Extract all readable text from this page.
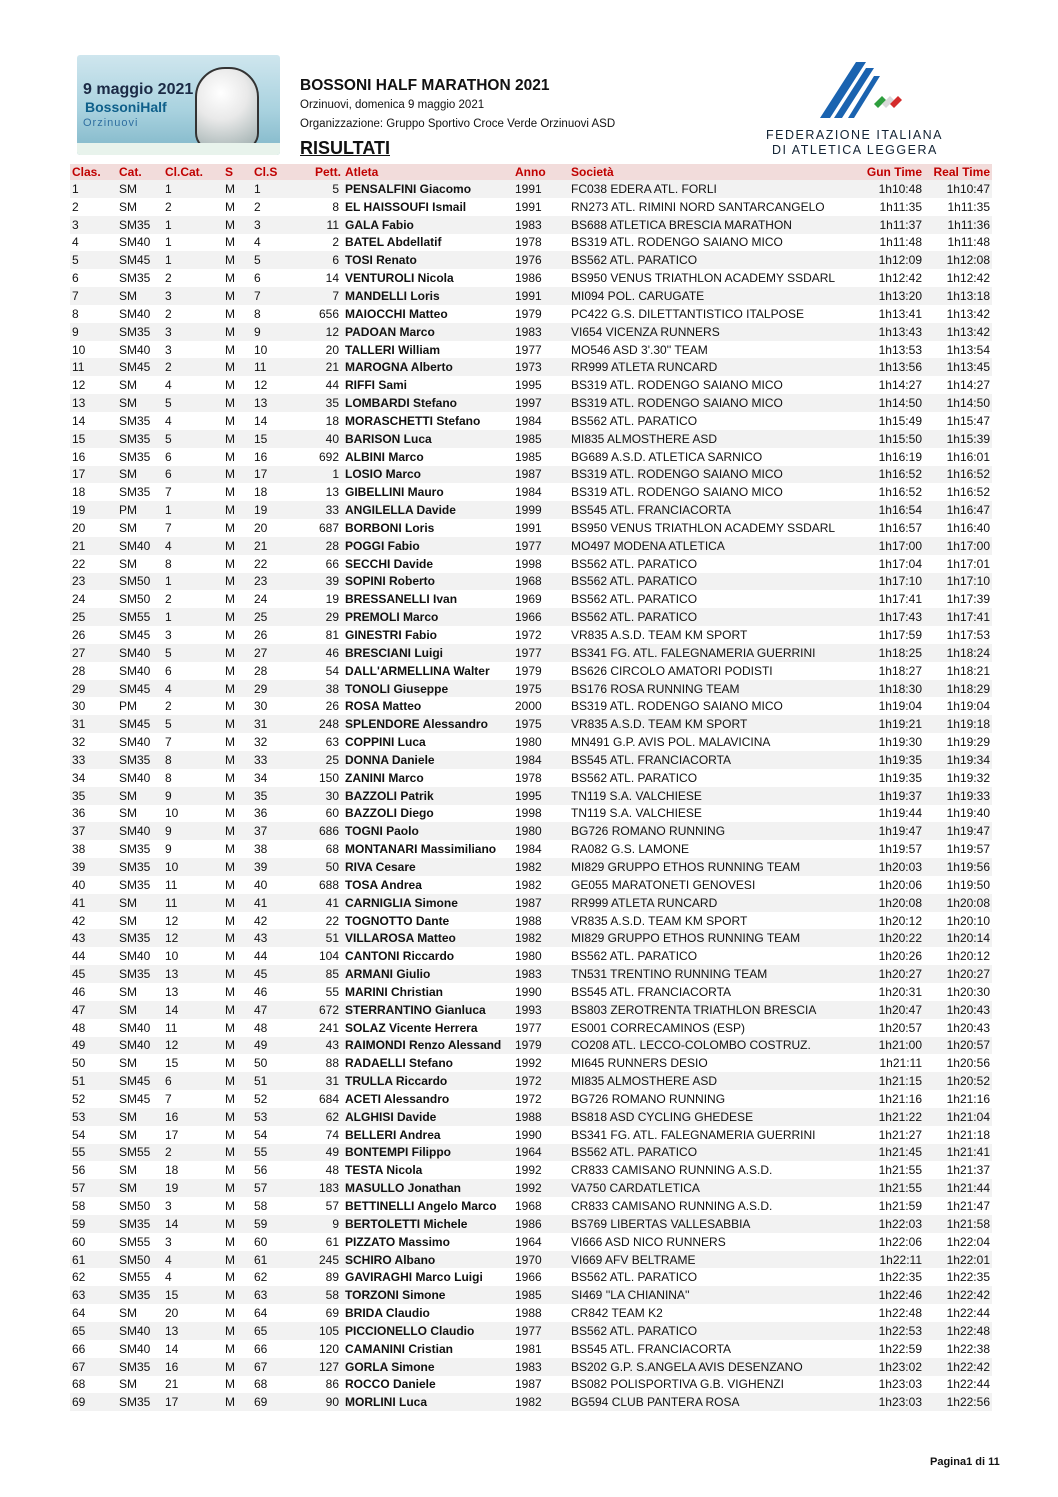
9 maggio 2021
BossoniHalf
Orzinuovi
BOSSONI HALF MARATHON 2021
Orzinuovi, domenica 9 maggio 2021
Organizzazione: Gruppo Sportivo Croce Verde Orzinuovi ASD
RISULTATI
FEDERAZIONE ITALIANA
DI ATLETICA LEGGERA
Clas.	Cat.	Cl.Cat.	S	Cl.S	Pett.	Atleta	Anno	Società	Gun Time	Real Time
1	SM	1	M	1	5	PENSALFINI Giacomo	1991	FC038 EDERA ATL. FORLI	1h10:48	1h10:47
2	SM	2	M	2	8	EL HAISSOUFI Ismail	1991	RN273 ATL. RIMINI NORD SANTARCANGELO	1h11:35	1h11:35
3	SM35	1	M	3	11	GALA Fabio	1983	BS688 ATLETICA BRESCIA MARATHON	1h11:37	1h11:36
4	SM40	1	M	4	2	BATEL Abdellatif	1978	BS319 ATL. RODENGO SAIANO MICO	1h11:48	1h11:48
5	SM45	1	M	5	6	TOSI Renato	1976	BS562 ATL. PARATICO	1h12:09	1h12:08
6	SM35	2	M	6	14	VENTUROLI Nicola	1986	BS950 VENUS TRIATHLON ACADEMY SSDARL	1h12:42	1h12:42
7	SM	3	M	7	7	MANDELLI Loris	1991	MI094 POL. CARUGATE	1h13:20	1h13:18
8	SM40	2	M	8	656	MAIOCCHI Matteo	1979	PC422 G.S. DILETTANTISTICO ITALPOSE	1h13:41	1h13:42
9	SM35	3	M	9	12	PADOAN Marco	1983	VI654 VICENZA RUNNERS	1h13:43	1h13:42
10	SM40	3	M	10	20	TALLERI William	1977	MO546 ASD 3'.30'' TEAM	1h13:53	1h13:54
11	SM45	2	M	11	21	MAROGNA Alberto	1973	RR999 ATLETA RUNCARD	1h13:56	1h13:45
12	SM	4	M	12	44	RIFFI Sami	1995	BS319 ATL. RODENGO SAIANO MICO	1h14:27	1h14:27
13	SM	5	M	13	35	LOMBARDI Stefano	1997	BS319 ATL. RODENGO SAIANO MICO	1h14:50	1h14:50
14	SM35	4	M	14	18	MORASCHETTI Stefano	1984	BS562 ATL. PARATICO	1h15:49	1h15:47
15	SM35	5	M	15	40	BARISON Luca	1985	MI835 ALMOSTHERE ASD	1h15:50	1h15:39
16	SM35	6	M	16	692	ALBINI Marco	1985	BG689 A.S.D. ATLETICA SARNICO	1h16:19	1h16:01
17	SM	6	M	17	1	LOSIO Marco	1987	BS319 ATL. RODENGO SAIANO MICO	1h16:52	1h16:52
18	SM35	7	M	18	13	GIBELLINI Mauro	1984	BS319 ATL. RODENGO SAIANO MICO	1h16:52	1h16:52
19	PM	1	M	19	33	ANGILELLA Davide	1999	BS545 ATL. FRANCIACORTA	1h16:54	1h16:47
20	SM	7	M	20	687	BORBONI Loris	1991	BS950 VENUS TRIATHLON ACADEMY SSDARL	1h16:57	1h16:40
21	SM40	4	M	21	28	POGGI Fabio	1977	MO497 MODENA ATLETICA	1h17:00	1h17:00
22	SM	8	M	22	66	SECCHI Davide	1998	BS562 ATL. PARATICO	1h17:04	1h17:01
23	SM50	1	M	23	39	SOPINI Roberto	1968	BS562 ATL. PARATICO	1h17:10	1h17:10
24	SM50	2	M	24	19	BRESSANELLI Ivan	1969	BS562 ATL. PARATICO	1h17:41	1h17:39
25	SM55	1	M	25	29	PREMOLI Marco	1966	BS562 ATL. PARATICO	1h17:43	1h17:41
26	SM45	3	M	26	81	GINESTRI Fabio	1972	VR835 A.S.D. TEAM KM SPORT	1h17:59	1h17:53
27	SM40	5	M	27	46	BRESCIANI Luigi	1977	BS341 FG. ATL. FALEGNAMERIA GUERRINI	1h18:25	1h18:24
28	SM40	6	M	28	54	DALL'ARMELLINA Walter	1979	BS626 CIRCOLO AMATORI PODISTI	1h18:27	1h18:21
29	SM45	4	M	29	38	TONOLI Giuseppe	1975	BS176 ROSA RUNNING TEAM	1h18:30	1h18:29
30	PM	2	M	30	26	ROSA Matteo	2000	BS319 ATL. RODENGO SAIANO MICO	1h19:04	1h19:04
31	SM45	5	M	31	248	SPLENDORE Alessandro	1975	VR835 A.S.D. TEAM KM SPORT	1h19:21	1h19:18
32	SM40	7	M	32	63	COPPINI Luca	1980	MN491 G.P. AVIS POL. MALAVICINA	1h19:30	1h19:29
33	SM35	8	M	33	25	DONNA Daniele	1984	BS545 ATL. FRANCIACORTA	1h19:35	1h19:34
34	SM40	8	M	34	150	ZANINI Marco	1978	BS562 ATL. PARATICO	1h19:35	1h19:32
35	SM	9	M	35	30	BAZZOLI Patrik	1995	TN119 S.A. VALCHIESE	1h19:37	1h19:33
36	SM	10	M	36	60	BAZZOLI Diego	1998	TN119 S.A. VALCHIESE	1h19:44	1h19:40
37	SM40	9	M	37	686	TOGNI Paolo	1980	BG726 ROMANO RUNNING	1h19:47	1h19:47
38	SM35	9	M	38	68	MONTANARI Massimiliano	1984	RA082 G.S. LAMONE	1h19:57	1h19:57
39	SM35	10	M	39	50	RIVA Cesare	1982	MI829 GRUPPO ETHOS RUNNING TEAM	1h20:03	1h19:56
40	SM35	11	M	40	688	TOSA Andrea	1982	GE055 MARATONETI GENOVESI	1h20:06	1h19:50
41	SM	11	M	41	41	CARNIGLIA Simone	1987	RR999 ATLETA RUNCARD	1h20:08	1h20:08
42	SM	12	M	42	22	TOGNOTTO Dante	1988	VR835 A.S.D. TEAM KM SPORT	1h20:12	1h20:10
43	SM35	12	M	43	51	VILLAROSA Matteo	1982	MI829 GRUPPO ETHOS RUNNING TEAM	1h20:22	1h20:14
44	SM40	10	M	44	104	CANTONI Riccardo	1980	BS562 ATL. PARATICO	1h20:26	1h20:12
45	SM35	13	M	45	85	ARMANI Giulio	1983	TN531 TRENTINO RUNNING TEAM	1h20:27	1h20:27
46	SM	13	M	46	55	MARINI Christian	1990	BS545 ATL. FRANCIACORTA	1h20:31	1h20:30
47	SM	14	M	47	672	STERRANTINO Gianluca	1993	BS803 ZEROTRENTA TRIATHLON BRESCIA	1h20:47	1h20:43
48	SM40	11	M	48	241	SOLAZ Vicente Herrera	1977	ES001 CORRECAMINOS (ESP)	1h20:57	1h20:43
49	SM40	12	M	49	43	RAIMONDI Renzo Alessand	1979	CO208 ATL. LECCO-COLOMBO COSTRUZ.	1h21:00	1h20:57
50	SM	15	M	50	88	RADAELLI Stefano	1992	MI645 RUNNERS DESIO	1h21:11	1h20:56
51	SM45	6	M	51	31	TRULLA Riccardo	1972	MI835 ALMOSTHERE ASD	1h21:15	1h20:52
52	SM45	7	M	52	684	ACETI Alessandro	1972	BG726 ROMANO RUNNING	1h21:16	1h21:16
53	SM	16	M	53	62	ALGHISI Davide	1988	BS818 ASD CYCLING GHEDESE	1h21:22	1h21:04
54	SM	17	M	54	74	BELLERI Andrea	1990	BS341 FG. ATL. FALEGNAMERIA GUERRINI	1h21:27	1h21:18
55	SM55	2	M	55	49	BONTEMPI Filippo	1964	BS562 ATL. PARATICO	1h21:45	1h21:41
56	SM	18	M	56	48	TESTA Nicola	1992	CR833 CAMISANO RUNNING A.S.D.	1h21:55	1h21:37
57	SM	19	M	57	183	MASULLO Jonathan	1992	VA750 CARDATLETICA	1h21:55	1h21:44
58	SM50	3	M	58	57	BETTINELLI Angelo Marco	1968	CR833 CAMISANO RUNNING A.S.D.	1h21:59	1h21:47
59	SM35	14	M	59	9	BERTOLETTI Michele	1986	BS769 LIBERTAS VALLESABBIA	1h22:03	1h21:58
60	SM55	3	M	60	61	PIZZATO Massimo	1964	VI666 ASD NICO RUNNERS	1h22:06	1h22:04
61	SM50	4	M	61	245	SCHIRO Albano	1970	VI669 AFV BELTRAME	1h22:11	1h22:01
62	SM55	4	M	62	89	GAVIRAGHI Marco Luigi	1966	BS562 ATL. PARATICO	1h22:35	1h22:35
63	SM35	15	M	63	58	TORZONI Simone	1985	SI469 ''LA CHIANINA''	1h22:46	1h22:42
64	SM	20	M	64	69	BRIDA Claudio	1988	CR842 TEAM K2	1h22:48	1h22:44
65	SM40	13	M	65	105	PICCIONELLO Claudio	1977	BS562 ATL. PARATICO	1h22:53	1h22:48
66	SM40	14	M	66	120	CAMANINI Cristian	1981	BS545 ATL. FRANCIACORTA	1h22:59	1h22:38
67	SM35	16	M	67	127	GORLA Simone	1983	BS202 G.P. S.ANGELA AVIS DESENZANO	1h23:02	1h22:42
68	SM	21	M	68	86	ROCCO Daniele	1987	BS082 POLISPORTIVA G.B. VIGHENZI	1h23:03	1h22:44
69	SM35	17	M	69	90	MORLINI Luca	1982	BG594 CLUB PANTERA ROSA	1h23:03	1h22:56
Pagina1 di 11
